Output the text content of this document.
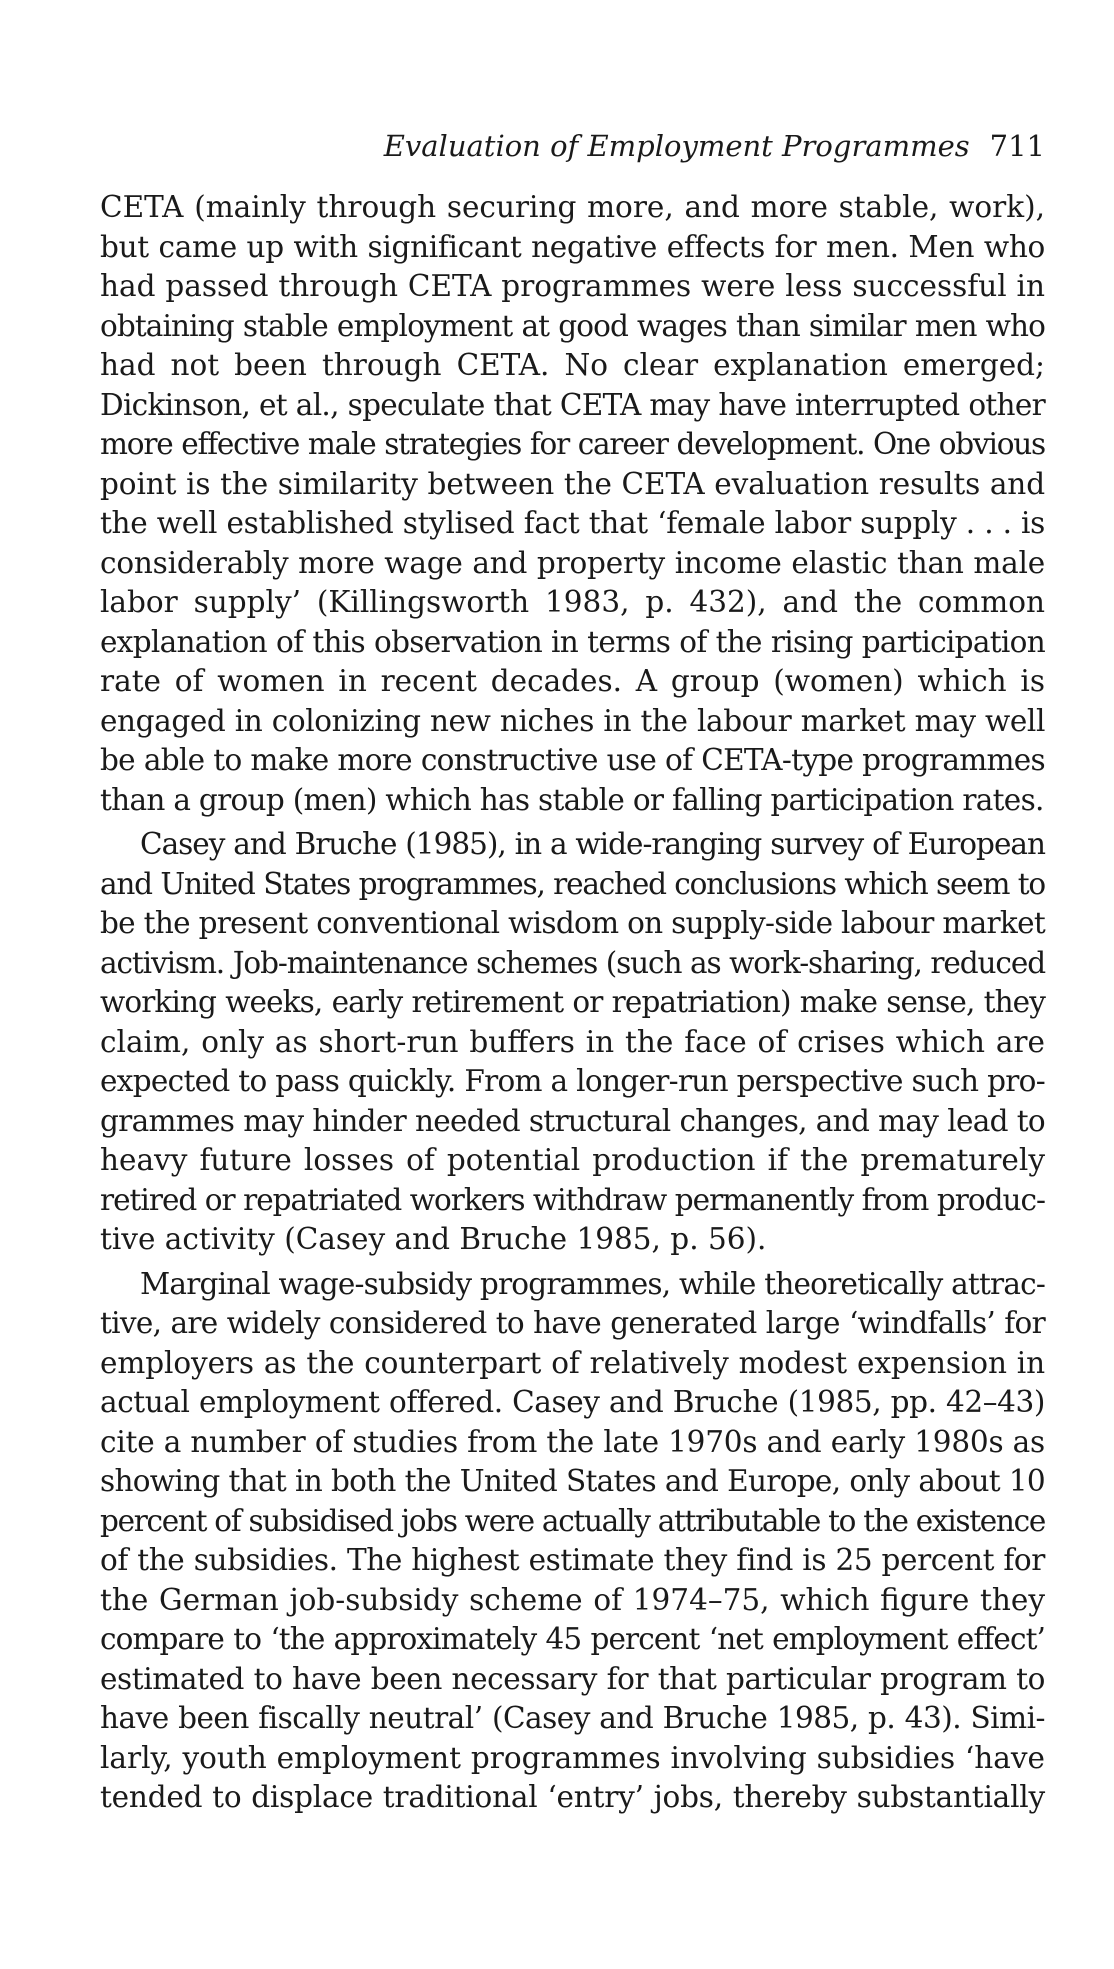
Evaluation of Employment Programmes 711

CETA (mainly through securing more, and more stable, work),
but came up with significant negative effects for men. Men who
had passed through CETA programmes were less successful in
obtaining stable employment at good wages than similar men who
had not been through CETA. No clear explanation emerged;
Dickinson, et al., speculate that CETA may have interrupted other
more effective male strategies for career development. One obvious
point is the similarity between the CETA evaluation results and
the well established stylised fact that ‘female labor supply . . . is
considerably more wage and property income elastic than male
labor supply’ (Killingsworth 1983, p. 432), and the common
explanation of this observation in terms of the rising participation
rate of women in recent decades. A group (women) which is
engaged in colonizing new niches in the labour market may well
be able to make more constructive use of CETA-type programmes
than a group (men) which has stable or falling participation rates.

Casey and Bruche (1985), in a wide-ranging survey of European
and United States programmes, reached conclusions which seem to
be the present conventional wisdom on supply-side labour market
activism. Job-maintenance schemes (such as work-sharing, reduced
working weeks, early retirement or repatriation) make sense, they
claim, only as short-run buffers in the face of crises which are
expected to pass quickly. From a longer-run perspective such pro-
grammes may hinder needed structural changes, and may lead to
heavy future losses of potential production if the prematurely
retired or repatriated workers withdraw permanently from produc-
tive activity (Casey and Bruche 1985, p. 56).

Marginal wage-subsidy programmes, while theoretically attrac-
tive, are widely considered to have generated large ‘windfalls’ for
employers as the counterpart of relatively modest expension in
actual employment offered. Casey and Bruche (1985, pp. 42–43)
cite a number of studies from the late 1970s and early 1980s as
showing that in both the United States and Europe, only about 10
percent of subsidised jobs were actually attributable to the existence
of the subsidies. The highest estimate they find is 25 percent for
the German job-subsidy scheme of 1974–75, which figure they
compare to ‘the approximately 45 percent ‘net employment effect’
estimated to have been necessary for that particular program to
have been fiscally neutral’ (Casey and Bruche 1985, p. 43). Simi-
larly, youth employment programmes involving subsidies ‘have
tended to displace traditional ‘entry’ jobs, thereby substantially
